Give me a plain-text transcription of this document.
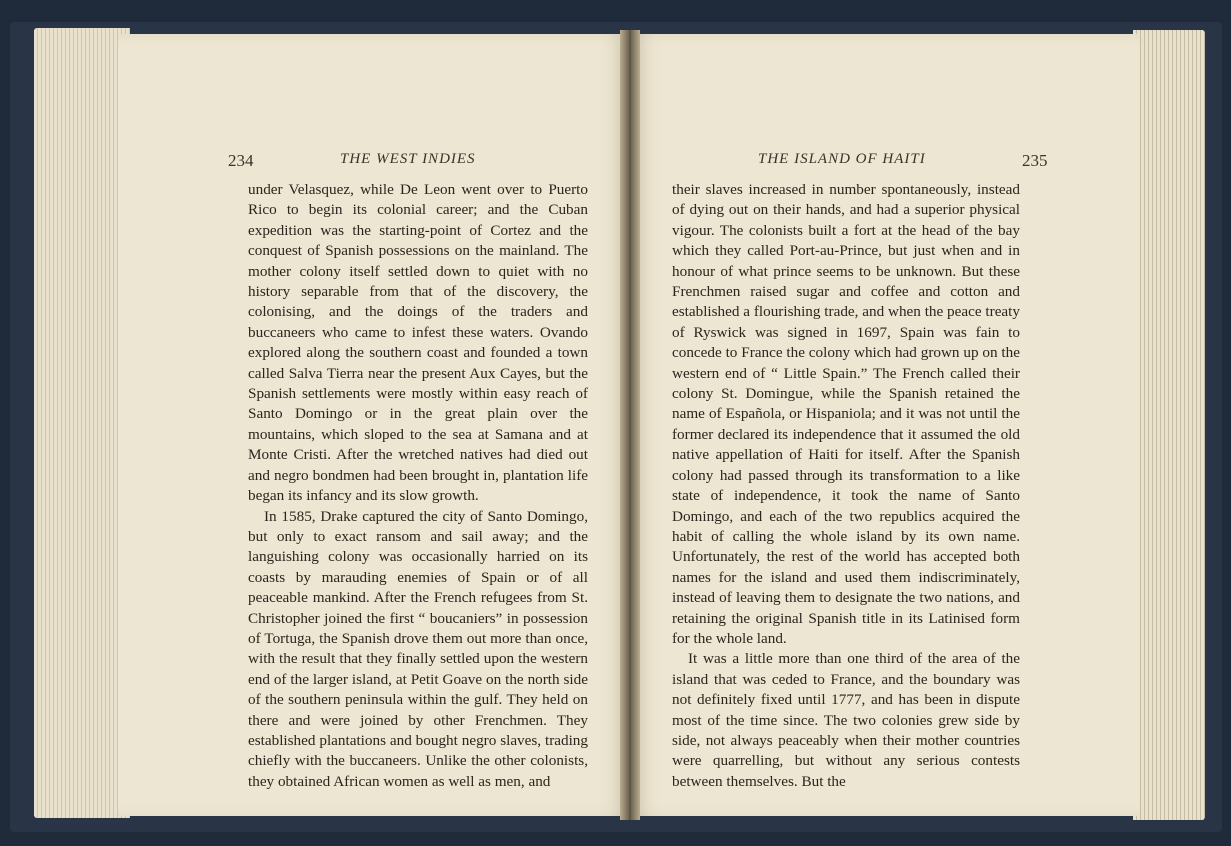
234	THE WEST INDIES

under Velasquez, while De Leon went over to Puerto Rico to begin its colonial career; and the Cuban expedition was the starting-point of Cortez and the conquest of Spanish possessions on the mainland. The mother colony itself settled down to quiet with no history separable from that of the discovery, the colonising, and the doings of the traders and buccaneers who came to infest these waters. Ovando explored along the southern coast and founded a town called Salva Tierra near the present Aux Cayes, but the Spanish settlements were mostly within easy reach of Santo Domingo or in the great plain over the mountains, which sloped to the sea at Samana and at Monte Cristi. After the wretched natives had died out and negro bondmen had been brought in, plantation life began its infancy and its slow growth.

In 1585, Drake captured the city of Santo Domingo, but only to exact ransom and sail away; and the languishing colony was occasionally harried on its coasts by marauding enemies of Spain or of all peaceable mankind. After the French refugees from St. Christopher joined the first “ boucaniers” in possession of Tortuga, the Spanish drove them out more than once, with the result that they finally settled upon the western end of the larger island, at Petit Goave on the north side of the southern peninsula within the gulf. They held on there and were joined by other Frenchmen. They established plantations and bought negro slaves, trading chiefly with the buccaneers. Unlike the other colonists, they obtained African women as well as men, and

THE ISLAND OF HAITI	235

their slaves increased in number spontaneously, instead of dying out on their hands, and had a superior physical vigour. The colonists built a fort at the head of the bay which they called Port-au-Prince, but just when and in honour of what prince seems to be unknown. But these Frenchmen raised sugar and coffee and cotton and established a flourishing trade, and when the peace treaty of Ryswick was signed in 1697, Spain was fain to concede to France the colony which had grown up on the western end of “ Little Spain.” The French called their colony St. Domingue, while the Spanish retained the name of Española, or Hispaniola; and it was not until the former declared its independence that it assumed the old native appellation of Haiti for itself. After the Spanish colony had passed through its transformation to a like state of independence, it took the name of Santo Domingo, and each of the two republics acquired the habit of calling the whole island by its own name. Unfortunately, the rest of the world has accepted both names for the island and used them indiscriminately, instead of leaving them to designate the two nations, and retaining the original Spanish title in its Latinised form for the whole land.

It was a little more than one third of the area of the island that was ceded to France, and the boundary was not definitely fixed until 1777, and has been in dispute most of the time since. The two colonies grew side by side, not always peaceably when their mother countries were quarrelling, but without any serious contests between themselves. But the
